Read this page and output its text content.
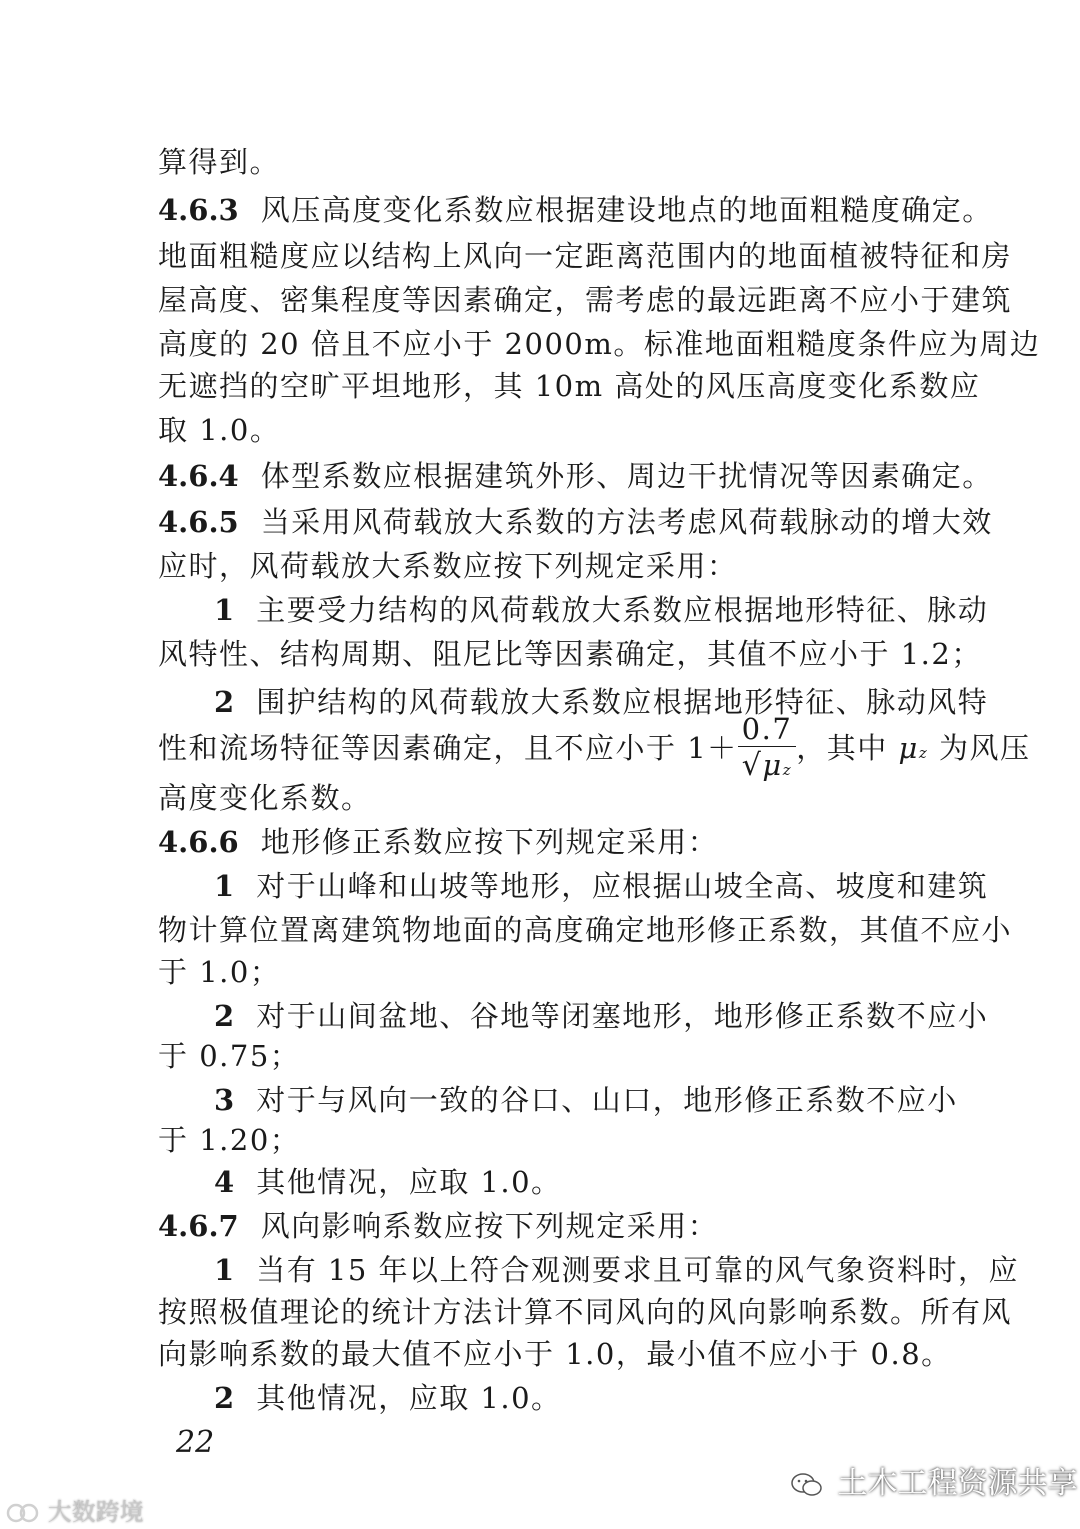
算得到。
4.6.3 风压高度变化系数应根据建设地点的地面粗糙度确定。
地面粗糙度应以结构上风向一定距离范围内的地面植被特征和房
屋高度、密集程度等因素确定，需考虑的最远距离不应小于建筑
高度的 20 倍且不应小于 2000m。标准地面粗糙度条件应为周边
无遮挡的空旷平坦地形，其 10m 高处的风压高度变化系数应
取 1.0。
4.6.4 体型系数应根据建筑外形、周边干扰情况等因素确定。
4.6.5 当采用风荷载放大系数的方法考虑风荷载脉动的增大效
应时，风荷载放大系数应按下列规定采用：
1 主要受力结构的风荷载放大系数应根据地形特征、脉动
风特性、结构周期、阻尼比等因素确定，其值不应小于 1.2；
2 围护结构的风荷载放大系数应根据地形特征、脉动风特
性和流场特征等因素确定，且不应小于 $1+ \frac{0.7}{√\mu z}$ ，其中 μz 为风压
高度变化系数。
4.6.6 地形修正系数应按下列规定采用：
1 对于山峰和山坡等地形，应根据山坡全高、坡度和建筑
物计算位置离建筑物地面的高度确定地形修正系数，其值不应小
于 1.0；
2 对于山间盆地、谷地等闭塞地形，地形修正系数不应小
于 0.75；
3 对于与风向一致的谷口、山口，地形修正系数不应小
于 1.20；
4 其他情况，应取 1.0。
4.6.7 风向影响系数应按下列规定采用：
1 当有 15 年以上符合观测要求且可靠的风气象资料时，应
按照极值理论的统计方法计算不同风向的风向影响系数。所有风
向影响系数的最大值不应小于 1.0，最小值不应小于 0.8。
2 其他情况，应取 1.0。
22
大数跨境
土木工程资源共享
